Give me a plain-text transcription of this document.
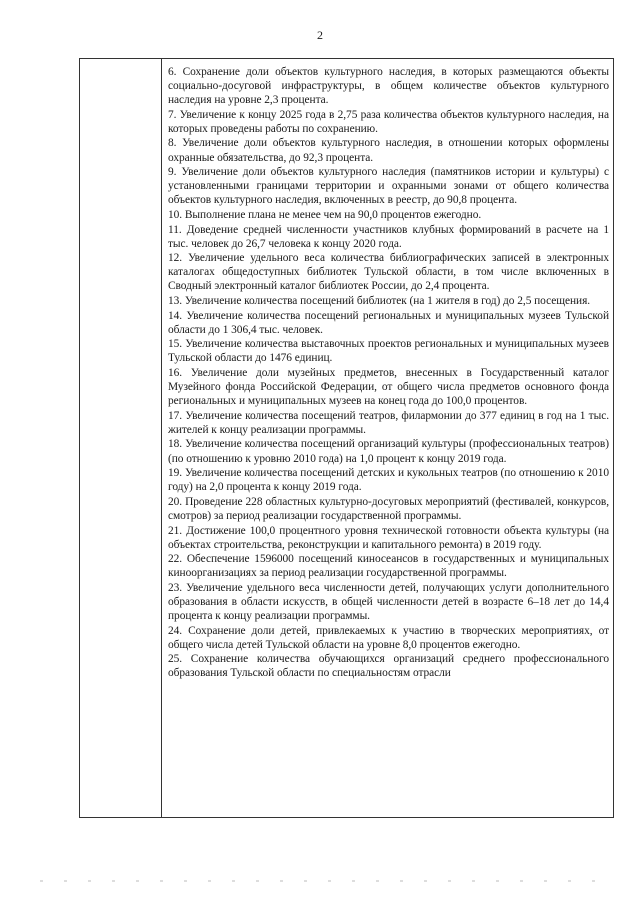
2

6. Сохранение доли объектов культурного наследия, в которых размещаются объекты социально-досуговой инфраструктуры, в общем количестве объектов культурного наследия на уровне 2,3 процента.

7. Увеличение к концу 2025 года в 2,75 раза количества объектов культурного наследия, на которых проведены работы по сохранению.

8. Увеличение доли объектов культурного наследия, в отношении которых оформлены охранные обязательства, до 92,3 процента.

9. Увеличение доли объектов культурного наследия (памятников истории и культуры) с установленными границами территории и охранными зонами от общего количества объектов культурного наследия, включенных в реестр, до 90,8 процента.

10. Выполнение плана не менее чем на 90,0 процентов ежегодно.

11. Доведение средней численности участников клубных формирований в расчете на 1 тыс. человек до 26,7 человека к концу 2020 года.

12. Увеличение удельного веса количества библиографических записей в электронных каталогах общедоступных библиотек Тульской области, в том числе включенных в Сводный электронный каталог библиотек России, до 2,4 процента.

13. Увеличение количества посещений библиотек (на 1 жителя в год) до 2,5 посещения.

14. Увеличение количества посещений региональных и муниципальных музеев Тульской области до 1 306,4 тыс. человек.

15. Увеличение количества выставочных проектов региональных и муниципальных музеев Тульской области до 1476 единиц.

16. Увеличение доли музейных предметов, внесенных в Государственный каталог Музейного фонда Российской Федерации, от общего числа предметов основного фонда региональных и муниципальных музеев на конец года до 100,0 процентов.

17. Увеличение количества посещений театров, филармонии до 377 единиц в год на 1 тыс. жителей к концу реализации программы.

18. Увеличение количества посещений организаций культуры (профессиональных театров) (по отношению к уровню 2010 года) на 1,0 процент к концу 2019 года.

19. Увеличение количества посещений детских и кукольных театров (по отношению к 2010 году) на 2,0 процента к концу 2019 года.

20. Проведение 228 областных культурно-досуговых мероприятий (фестивалей, конкурсов, смотров) за период реализации государственной программы.

21. Достижение 100,0 процентного уровня технической готовности объекта культуры (на объектах строительства, реконструкции и капитального ремонта) в 2019 году.

22. Обеспечение 1596000 посещений киносеансов в государственных и муниципальных киноорганизациях за период реализации государственной программы.

23. Увеличение удельного веса численности детей, получающих услуги дополнительного образования в области искусств, в общей численности детей в возрасте 6–18 лет до 14,4 процента к концу реализации программы.

24. Сохранение доли детей, привлекаемых к участию в творческих мероприятиях, от общего числа детей Тульской области на уровне 8,0 процентов ежегодно.

25. Сохранение количества обучающихся организаций среднего профессионального образования Тульской области по специальностям отрасли
